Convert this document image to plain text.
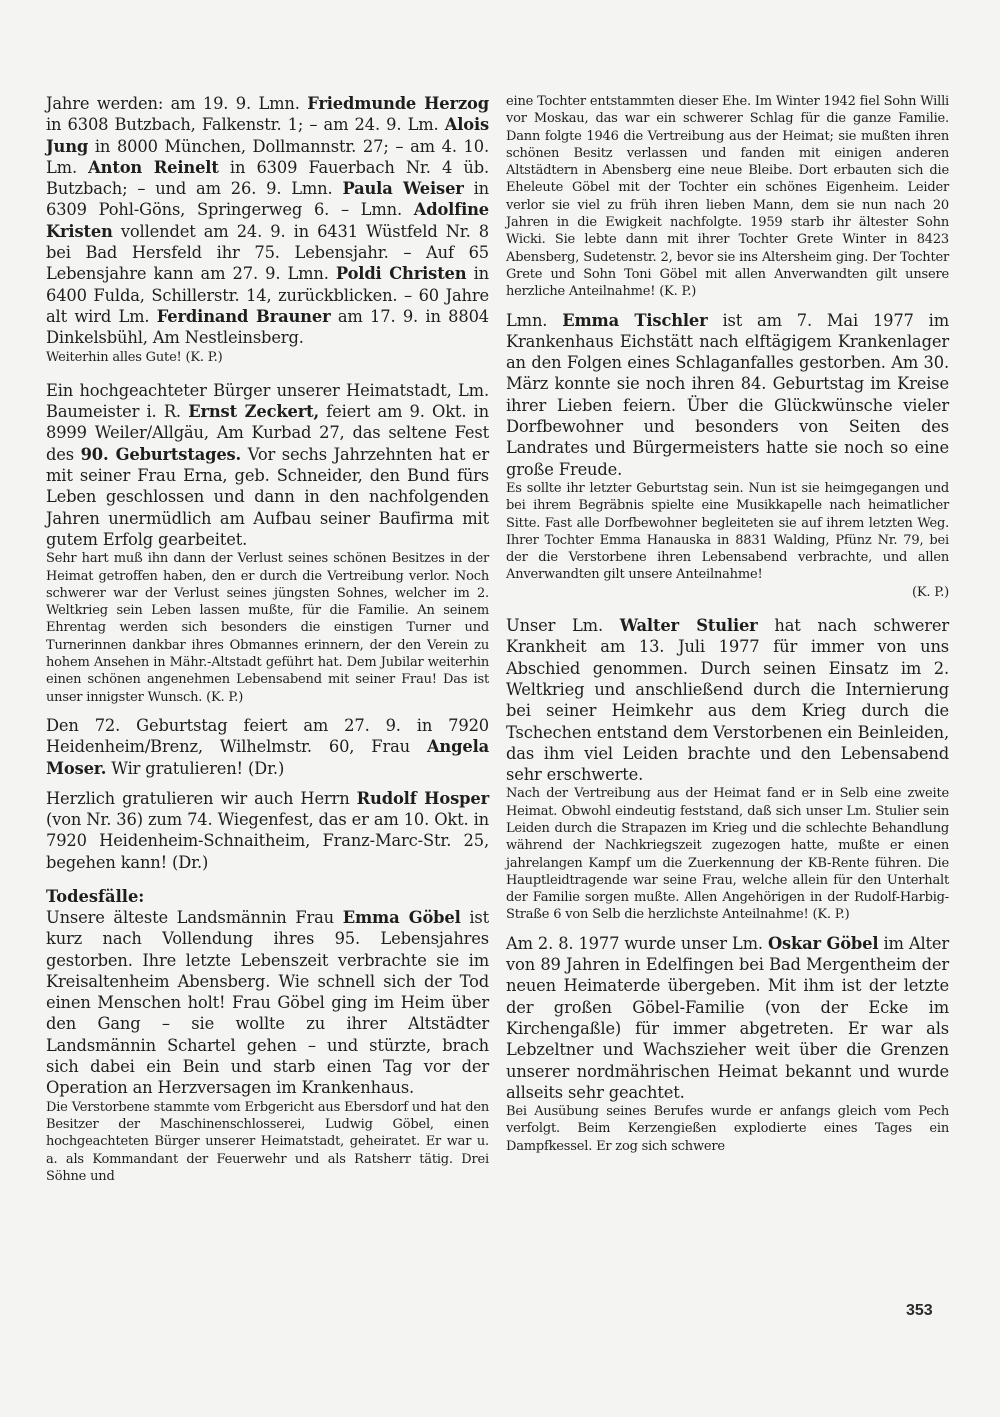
Jahre werden: am 19. 9. Lmn. Friedmunde Herzog in 6308 Butzbach, Falkenstr. 1; – am 24. 9. Lm. Alois Jung in 8000 München, Dollmannstr. 27; – am 4. 10. Lm. Anton Reinelt in 6309 Fauerbach Nr. 4 üb. Butzbach; – und am 26. 9. Lmn. Paula Weiser in 6309 Pohl-Göns, Springerweg 6. – Lmn. Adolfine Kristen vollendet am 24. 9. in 6431 Wüstfeld Nr. 8 bei Bad Hersfeld ihr 75. Lebensjahr. – Auf 65 Lebensjahre kann am 27. 9. Lmn. Poldi Christen in 6400 Fulda, Schillerstr. 14, zurückblicken. – 60 Jahre alt wird Lm. Ferdinand Brauner am 17. 9. in 8804 Dinkelsbühl, Am Nestleinsberg.

Weiterhin alles Gute! (K. P.)

Ein hochgeachteter Bürger unserer Heimatstadt, Lm. Baumeister i. R. Ernst Zeckert, feiert am 9. Okt. in 8999 Weiler/Allgäu, Am Kurbad 27, das seltene Fest des 90. Geburtstages. Vor sechs Jahrzehnten hat er mit seiner Frau Erna, geb. Schneider, den Bund fürs Leben geschlossen und dann in den nachfolgenden Jahren unermüdlich am Aufbau seiner Baufirma mit gutem Erfolg gearbeitet.

Sehr hart muß ihn dann der Verlust seines schönen Besitzes in der Heimat getroffen haben, den er durch die Vertreibung verlor. Noch schwerer war der Verlust seines jüngsten Sohnes, welcher im 2. Weltkrieg sein Leben lassen mußte, für die Familie. An seinem Ehrentag werden sich besonders die einstigen Turner und Turnerinnen dankbar ihres Obmannes erinnern, der den Verein zu hohem Ansehen in Mähr.-Altstadt geführt hat. Dem Jubilar weiterhin einen schönen angenehmen Lebensabend mit seiner Frau! Das ist unser innigster Wunsch. (K. P.)

Den 72. Geburtstag feiert am 27. 9. in 7920 Heidenheim/Brenz, Wilhelmstr. 60, Frau Angela Moser. Wir gratulieren! (Dr.)

Herzlich gratulieren wir auch Herrn Rudolf Hosper (von Nr. 36) zum 74. Wiegenfest, das er am 10. Okt. in 7920 Heidenheim-Schnaitheim, Franz-Marc-Str. 25, begehen kann! (Dr.)

Todesfälle:

Unsere älteste Landsmännin Frau Emma Göbel ist kurz nach Vollendung ihres 95. Lebensjahres gestorben. Ihre letzte Lebenszeit verbrachte sie im Kreisaltenheim Abensberg. Wie schnell sich der Tod einen Menschen holt! Frau Göbel ging im Heim über den Gang – sie wollte zu ihrer Altstädter Landsmännin Schartel gehen – und stürzte, brach sich dabei ein Bein und starb einen Tag vor der Operation an Herzversagen im Krankenhaus.

Die Verstorbene stammte vom Erbgericht aus Ebersdorf und hat den Besitzer der Maschinenschlosserei, Ludwig Göbel, einen hochgeachteten Bürger unserer Heimatstadt, geheiratet. Er war u. a. als Kommandant der Feuerwehr und als Ratsherr tätig. Drei Söhne und

eine Tochter entstammten dieser Ehe. Im Winter 1942 fiel Sohn Willi vor Moskau, das war ein schwerer Schlag für die ganze Familie. Dann folgte 1946 die Vertreibung aus der Heimat; sie mußten ihren schönen Besitz verlassen und fanden mit einigen anderen Altstädtern in Abensberg eine neue Bleibe. Dort erbauten sich die Eheleute Göbel mit der Tochter ein schönes Eigenheim. Leider verlor sie viel zu früh ihren lieben Mann, dem sie nun nach 20 Jahren in die Ewigkeit nachfolgte. 1959 starb ihr ältester Sohn Wicki. Sie lebte dann mit ihrer Tochter Grete Winter in 8423 Abensberg, Sudetenstr. 2, bevor sie ins Altersheim ging. Der Tochter Grete und Sohn Toni Göbel mit allen Anverwandten gilt unsere herzliche Anteilnahme! (K. P.)

Lmn. Emma Tischler ist am 7. Mai 1977 im Krankenhaus Eichstätt nach elftägigem Krankenlager an den Folgen eines Schlaganfalles gestorben. Am 30. März konnte sie noch ihren 84. Geburtstag im Kreise ihrer Lieben feiern. Über die Glückwünsche vieler Dorfbewohner und besonders von Seiten des Landrates und Bürgermeisters hatte sie noch so eine große Freude.

Es sollte ihr letzter Geburtstag sein. Nun ist sie heimgegangen und bei ihrem Begräbnis spielte eine Musikkapelle nach heimatlicher Sitte. Fast alle Dorfbewohner begleiteten sie auf ihrem letzten Weg. Ihrer Tochter Emma Hanauska in 8831 Walding, Pfünz Nr. 79, bei der die Verstorbene ihren Lebensabend verbrachte, und allen Anverwandten gilt unsere Anteilnahme!

(K. P.)

Unser Lm. Walter Stulier hat nach schwerer Krankheit am 13. Juli 1977 für immer von uns Abschied genommen. Durch seinen Einsatz im 2. Weltkrieg und anschließend durch die Internierung bei seiner Heimkehr aus dem Krieg durch die Tschechen entstand dem Verstorbenen ein Beinleiden, das ihm viel Leiden brachte und den Lebensabend sehr erschwerte.

Nach der Vertreibung aus der Heimat fand er in Selb eine zweite Heimat. Obwohl eindeutig feststand, daß sich unser Lm. Stulier sein Leiden durch die Strapazen im Krieg und die schlechte Behandlung während der Nachkriegszeit zugezogen hatte, mußte er einen jahrelangen Kampf um die Zuerkennung der KB-Rente führen. Die Hauptleidtragende war seine Frau, welche allein für den Unterhalt der Familie sorgen mußte. Allen Angehörigen in der Rudolf-Harbig-Straße 6 von Selb die herzlichste Anteilnahme! (K. P.)

Am 2. 8. 1977 wurde unser Lm. Oskar Göbel im Alter von 89 Jahren in Edelfingen bei Bad Mergentheim der neuen Heimaterde übergeben. Mit ihm ist der letzte der großen Göbel-Familie (von der Ecke im Kirchengaßle) für immer abgetreten. Er war als Lebzeltner und Wachszieher weit über die Grenzen unserer nordmährischen Heimat bekannt und wurde allseits sehr geachtet.

Bei Ausübung seines Berufes wurde er anfangs gleich vom Pech verfolgt. Beim Kerzengießen explodierte eines Tages ein Dampfkessel. Er zog sich schwere

353
